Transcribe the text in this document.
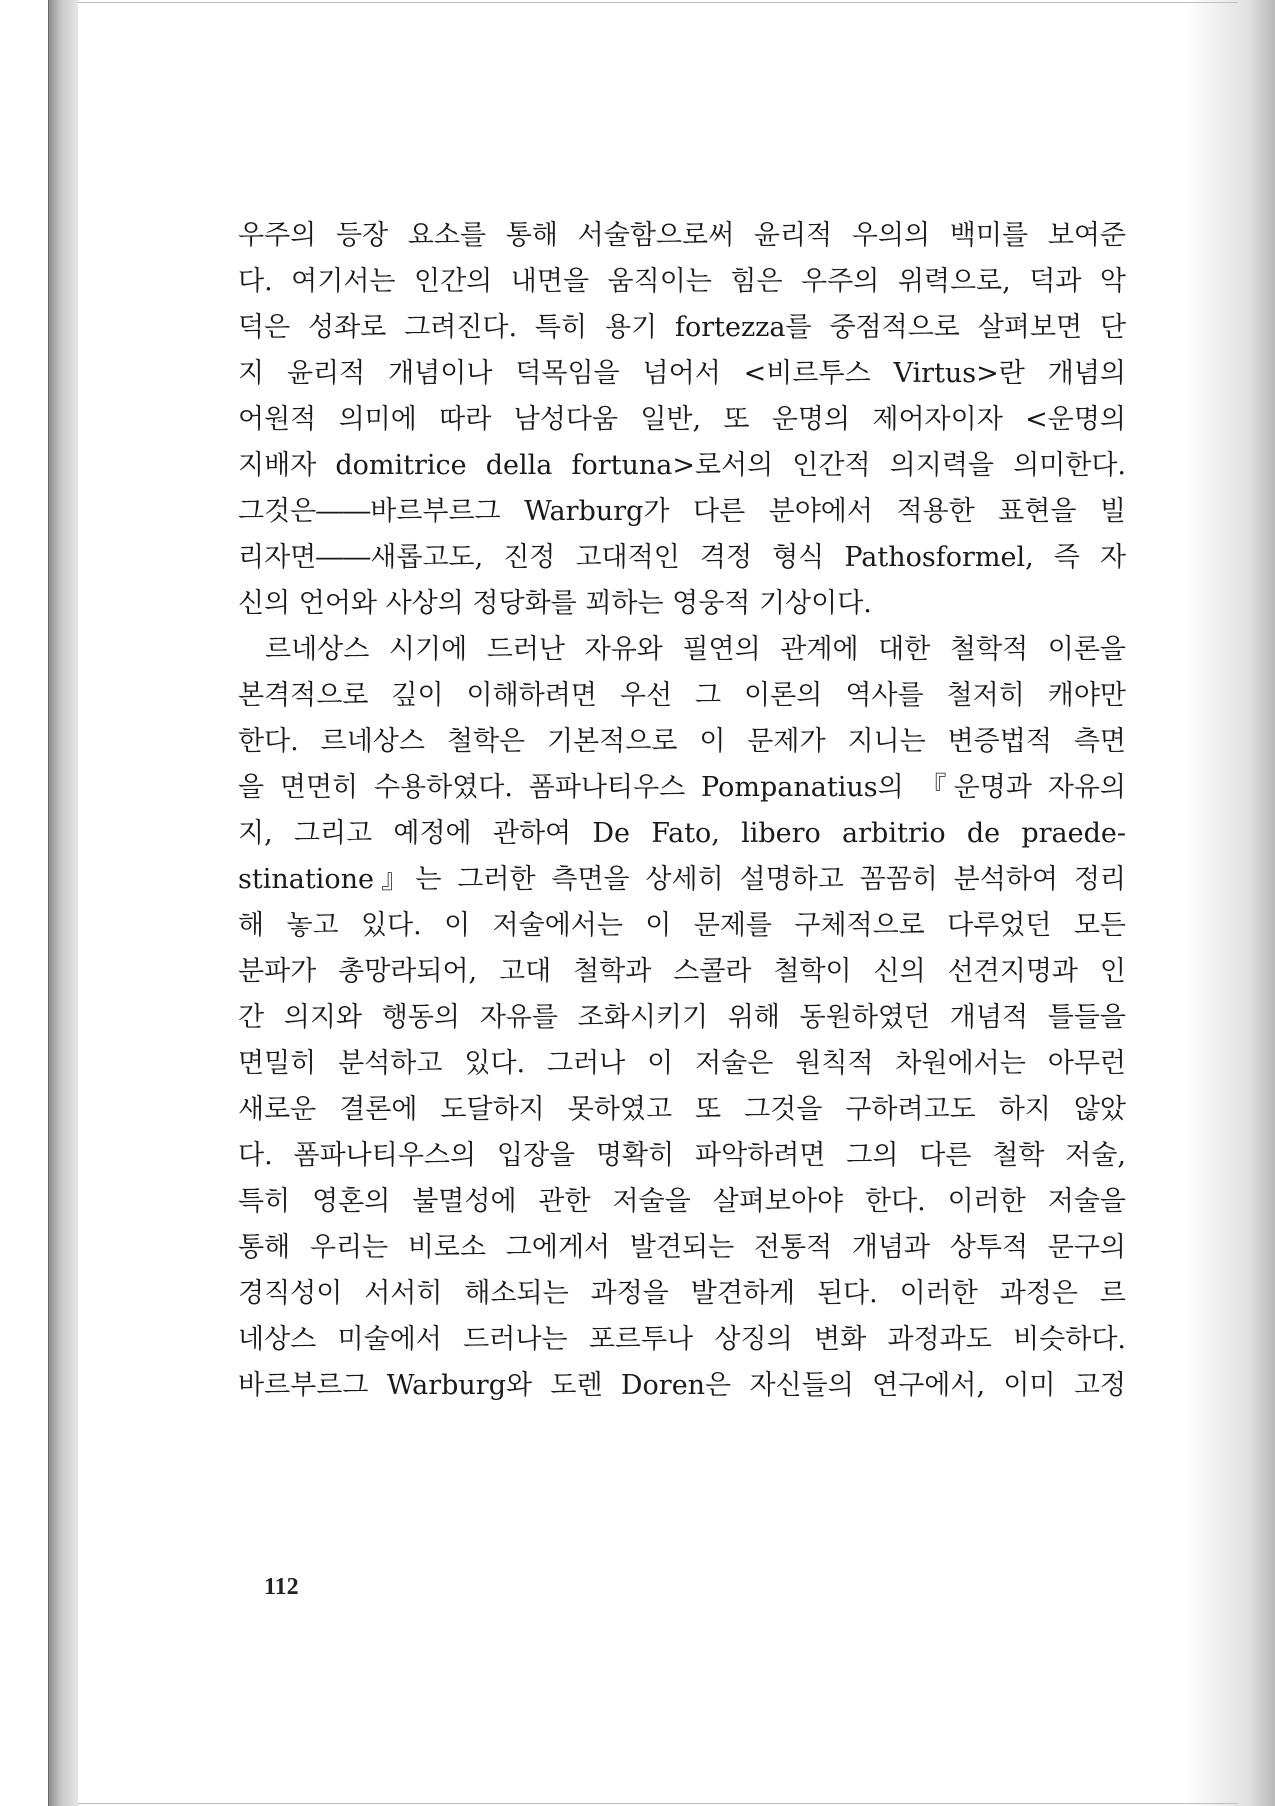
우주의 등장 요소를 통해 서술함으로써 윤리적 우의의 백미를 보여준
다. 여기서는 인간의 내면을 움직이는 힘은 우주의 위력으로, 덕과 악
덕은 성좌로 그려진다. 특히 용기 fortezza를 중점적으로 살펴보면 단
지 윤리적 개념이나 덕목임을 넘어서 <비르투스 Virtus>란 개념의
어원적 의미에 따라 남성다움 일반, 또 운명의 제어자이자 <운명의
지배자 domitrice della fortuna>로서의 인간적 의지력을 의미한다.
그것은――바르부르그 Warburg가 다른 분야에서 적용한 표현을 빌
리자면――새롭고도, 진정 고대적인 격정 형식 Pathosformel, 즉 자
신의 언어와 사상의 정당화를 꾀하는 영웅적 기상이다.
르네상스 시기에 드러난 자유와 필연의 관계에 대한 철학적 이론을
본격적으로 깊이 이해하려면 우선 그 이론의 역사를 철저히 캐야만
한다. 르네상스 철학은 기본적으로 이 문제가 지니는 변증법적 측면
을 면면히 수용하였다. 폼파나티우스 Pompanatius의 『운명과 자유의
지, 그리고 예정에 관하여 De Fato, libero arbitrio de praede-
stinatione』는 그러한 측면을 상세히 설명하고 꼼꼼히 분석하여 정리
해 놓고 있다. 이 저술에서는 이 문제를 구체적으로 다루었던 모든
분파가 총망라되어, 고대 철학과 스콜라 철학이 신의 선견지명과 인
간 의지와 행동의 자유를 조화시키기 위해 동원하였던 개념적 틀들을
면밀히 분석하고 있다. 그러나 이 저술은 원칙적 차원에서는 아무런
새로운 결론에 도달하지 못하였고 또 그것을 구하려고도 하지 않았
다. 폼파나티우스의 입장을 명확히 파악하려면 그의 다른 철학 저술,
특히 영혼의 불멸성에 관한 저술을 살펴보아야 한다. 이러한 저술을
통해 우리는 비로소 그에게서 발견되는 전통적 개념과 상투적 문구의
경직성이 서서히 해소되는 과정을 발견하게 된다. 이러한 과정은 르
네상스 미술에서 드러나는 포르투나 상징의 변화 과정과도 비슷하다.
바르부르그 Warburg와 도렌 Doren은 자신들의 연구에서, 이미 고정
112
